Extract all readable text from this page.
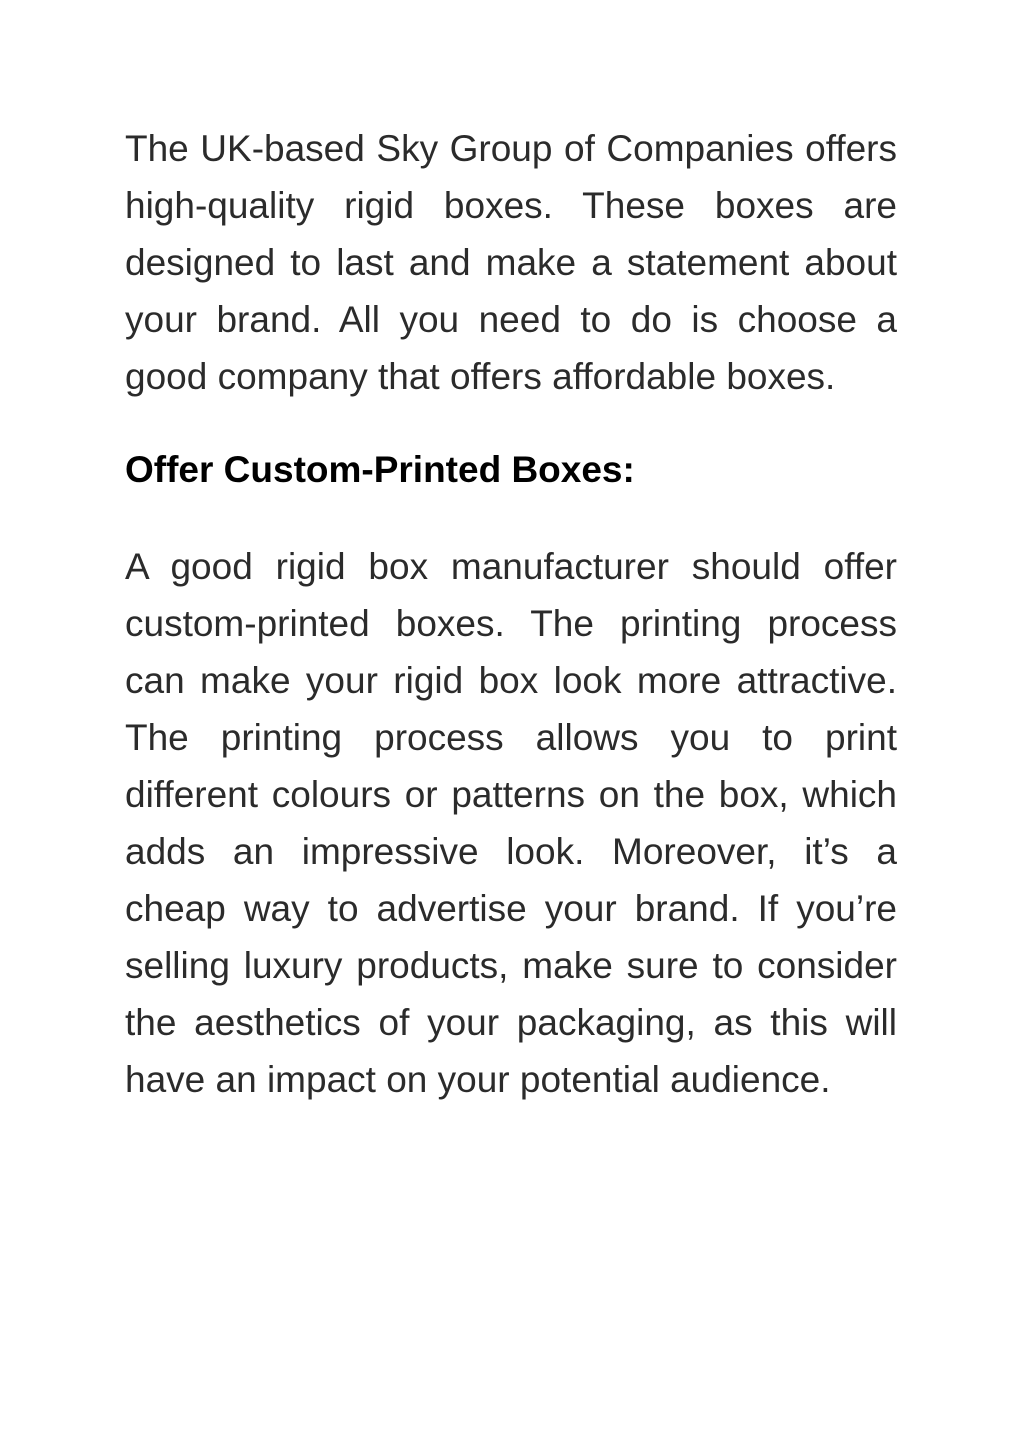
The UK-based Sky Group of Companies offers high-quality rigid boxes. These boxes are designed to last and make a statement about your brand. All you need to do is choose a good company that offers affordable boxes.

Offer Custom-Printed Boxes:

A good rigid box manufacturer should offer custom-printed boxes. The printing process can make your rigid box look more attractive. The printing process allows you to print different colours or patterns on the box, which adds an impressive look. Moreover, it’s a cheap way to advertise your brand. If you’re selling luxury products, make sure to consider the aesthetics of your packaging, as this will have an impact on your potential audience.
